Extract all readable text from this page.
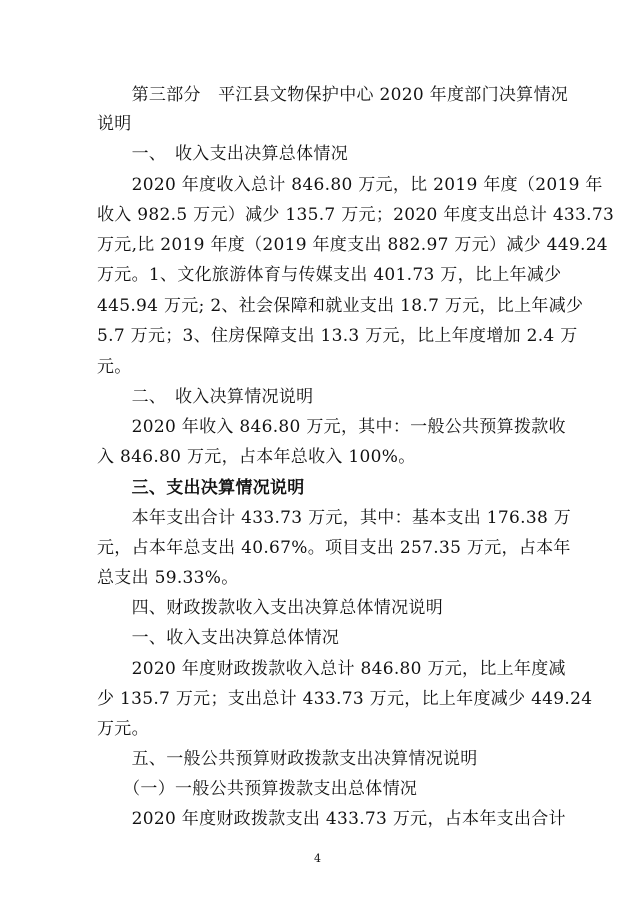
　　第三部分　平江县文物保护中心 2020 年度部门决算情况
说明
　　一、　收入支出决算总体情况
　　2020 年度收入总计 846.80 万元，比 2019 年度（2019 年
收入 982.5 万元）减少 135.7 万元；2020 年度支出总计 433.73
万元,比 2019 年度（2019 年度支出 882.97 万元）减少 449.24
万元。1、文化旅游体育与传媒支出 401.73 万，比上年减少
445.94 万元; 2、社会保障和就业支出 18.7 万元，比上年减少
5.7 万元；3、住房保障支出 13.3 万元，比上年度增加 2.4 万
元。
　　二、　收入决算情况说明
　　2020 年收入 846.80 万元，其中：一般公共预算拨款收
入 846.80 万元，占本年总收入 100%。
　　三、支出决算情况说明
　　本年支出合计 433.73 万元，其中：基本支出 176.38 万
元，占本年总支出 40.67%。项目支出 257.35 万元，占本年
总支出 59.33%。
　　四、财政拨款收入支出决算总体情况说明
　　一、收入支出决算总体情况
　　2020 年度财政拨款收入总计 846.80 万元，比上年度减
少 135.7 万元；支出总计 433.73 万元，比上年度减少 449.24
万元。
　　五、一般公共预算财政拨款支出决算情况说明
　　（一）一般公共预算拨款支出总体情况
　　2020 年度财政拨款支出 433.73 万元，占本年支出合计
4
